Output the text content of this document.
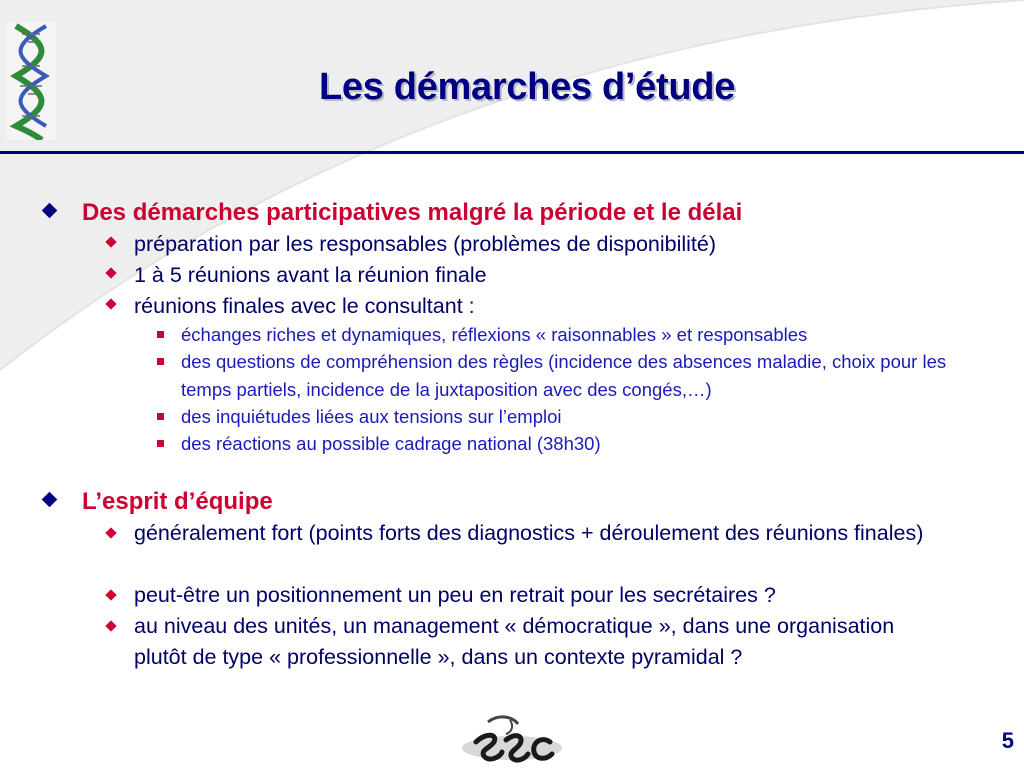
Les démarches d’étude
Des démarches participatives malgré la période et le délai
préparation par les responsables (problèmes de disponibilité)
1 à 5 réunions avant la réunion finale
réunions finales avec le consultant :
échanges riches et dynamiques, réflexions « raisonnables » et responsables
des questions de compréhension des règles (incidence des absences maladie, choix pour les temps partiels, incidence de la juxtaposition avec des congés,…)
des inquiétudes liées aux tensions sur l’emploi
des réactions au possible cadrage national (38h30)
L’esprit d’équipe
généralement fort (points forts des diagnostics + déroulement des réunions finales)
peut-être un positionnement un peu en retrait pour les secrétaires ?
au niveau des unités, un management « démocratique », dans une organisation plutôt de type « professionnelle », dans un contexte pyramidal ?
5
